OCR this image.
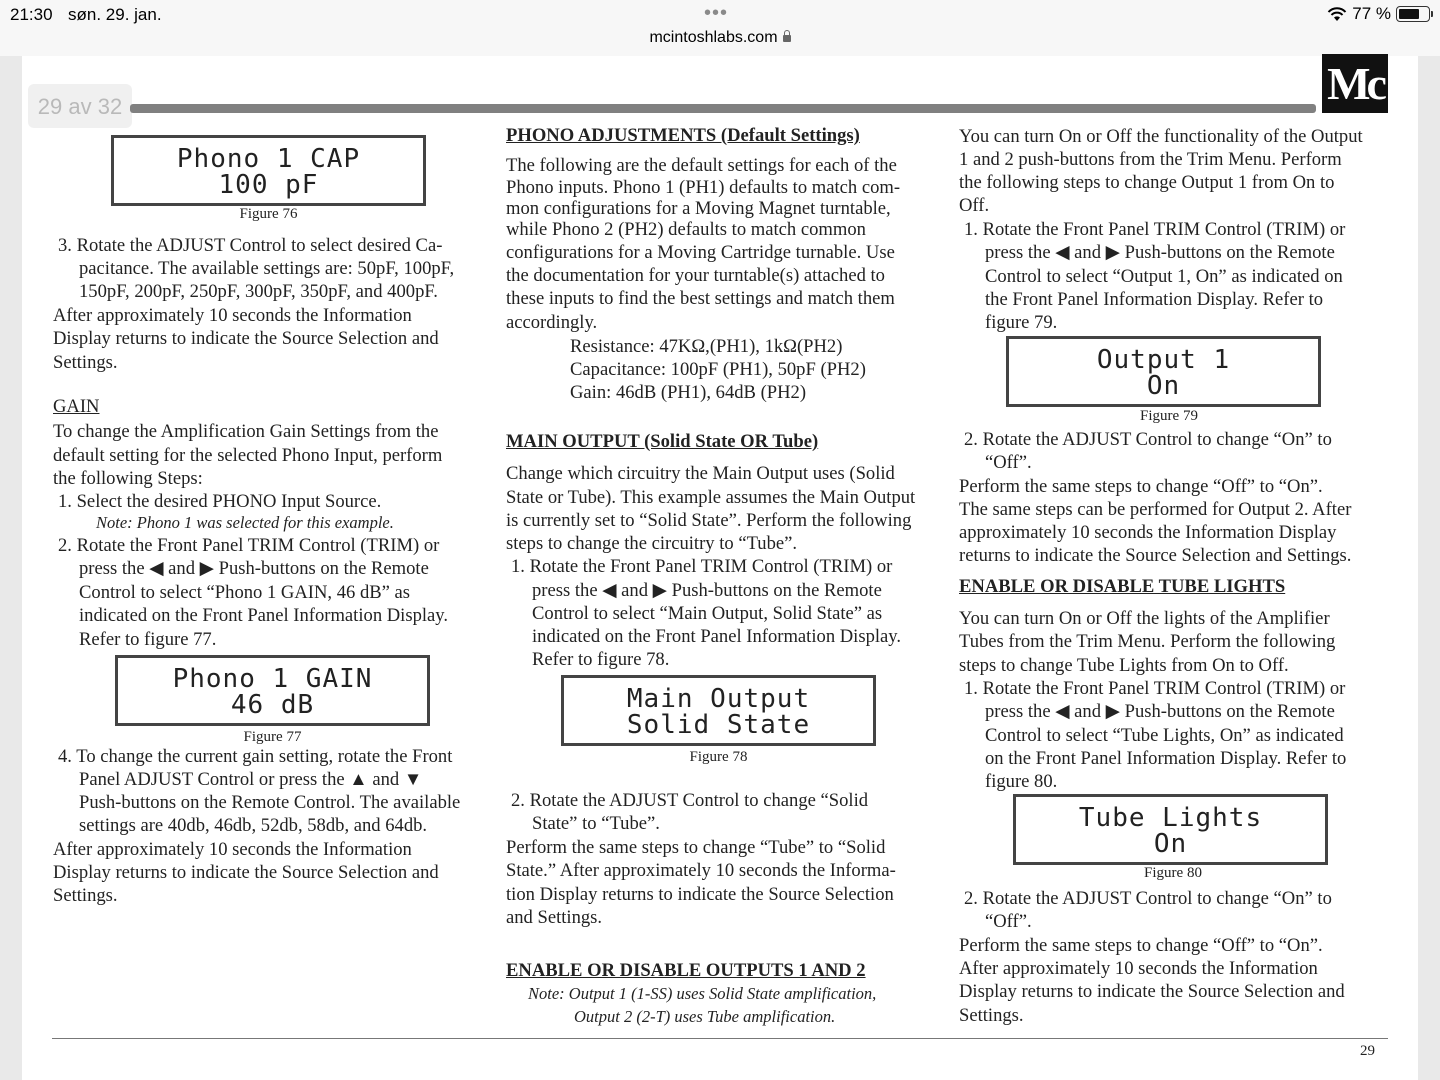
21:30 søn. 29. jan.	•••
mcintoshlabs.com
77 %
29 av 32	Mc
Phono 1 CAP
100 pF
Figure 76
3. Rotate the ADJUST Control to select desired Ca-
pacitance. The available settings are: 50pF, 100pF,
150pF, 200pF, 250pF, 300pF, 350pF, and 400pF.
After approximately 10 seconds the Information
Display returns to indicate the Source Selection and
Settings.
GAIN
To change the Amplification Gain Settings from the
default setting for the selected Phono Input, perform
the following Steps:
1. Select the desired PHONO Input Source.
Note: Phono 1 was selected for this example.
2. Rotate the Front Panel TRIM Control (TRIM) or
press the ◀ and ▶ Push-buttons on the Remote
Control to select “Phono 1 GAIN, 46 dB” as
indicated on the Front Panel Information Display.
Refer to figure 77.
Phono 1 GAIN
46 dB
Figure 77
4. To change the current gain setting, rotate the Front
Panel ADJUST Control or press the ▲ and ▼
Push-buttons on the Remote Control. The available
settings are 40db, 46db, 52db, 58db, and 64db.
After approximately 10 seconds the Information
Display returns to indicate the Source Selection and
Settings.
PHONO ADJUSTMENTS (Default Settings)
The following are the default settings for each of the
Phono inputs. Phono 1 (PH1) defaults to match com-
mon configurations for a Moving Magnet turntable,
while Phono 2 (PH2) defaults to match common
configurations for a Moving Cartridge turnable. Use
the documentation for your turntable(s) attached to
these inputs to find the best settings and match them
accordingly.
Resistance: 47KΩ,(PH1), 1kΩ(PH2)
Capacitance: 100pF (PH1), 50pF (PH2)
Gain: 46dB (PH1), 64dB (PH2)
MAIN OUTPUT (Solid State OR Tube)
Change which circuitry the Main Output uses (Solid
State or Tube). This example assumes the Main Output
is currently set to “Solid State”. Perform the following
steps to change the circuitry to “Tube”.
1. Rotate the Front Panel TRIM Control (TRIM) or
press the ◀ and ▶ Push-buttons on the Remote
Control to select “Main Output, Solid State” as
indicated on the Front Panel Information Display.
Refer to figure 78.
Main Output
Solid State
Figure 78
2. Rotate the ADJUST Control to change “Solid
State” to “Tube”.
Perform the same steps to change “Tube” to “Solid
State.” After approximately 10 seconds the Informa-
tion Display returns to indicate the Source Selection
and Settings.
ENABLE OR DISABLE OUTPUTS 1 AND 2
Note: Output 1 (1-SS) uses Solid State amplification,
Output 2 (2-T) uses Tube amplification.
You can turn On or Off the functionality of the Output
1 and 2 push-buttons from the Trim Menu. Perform
the following steps to change Output 1 from On to
Off.
1. Rotate the Front Panel TRIM Control (TRIM) or
press the ◀ and ▶ Push-buttons on the Remote
Control to select “Output 1, On” as indicated on
the Front Panel Information Display. Refer to
figure 79.
Output 1
On
Figure 79
2. Rotate the ADJUST Control to change “On” to
“Off”.
Perform the same steps to change “Off” to “On”.
The same steps can be performed for Output 2. After
approximately 10 seconds the Information Display
returns to indicate the Source Selection and Settings.
ENABLE OR DISABLE TUBE LIGHTS
You can turn On or Off the lights of the Amplifier
Tubes from the Trim Menu. Perform the following
steps to change Tube Lights from On to Off.
1. Rotate the Front Panel TRIM Control (TRIM) or
press the ◀ and ▶ Push-buttons on the Remote
Control to select “Tube Lights, On” as indicated
on the Front Panel Information Display. Refer to
figure 80.
Tube Lights
On
Figure 80
2. Rotate the ADJUST Control to change “On” to
“Off”.
Perform the same steps to change “Off” to “On”.
After approximately 10 seconds the Information
Display returns to indicate the Source Selection and
Settings.
29
